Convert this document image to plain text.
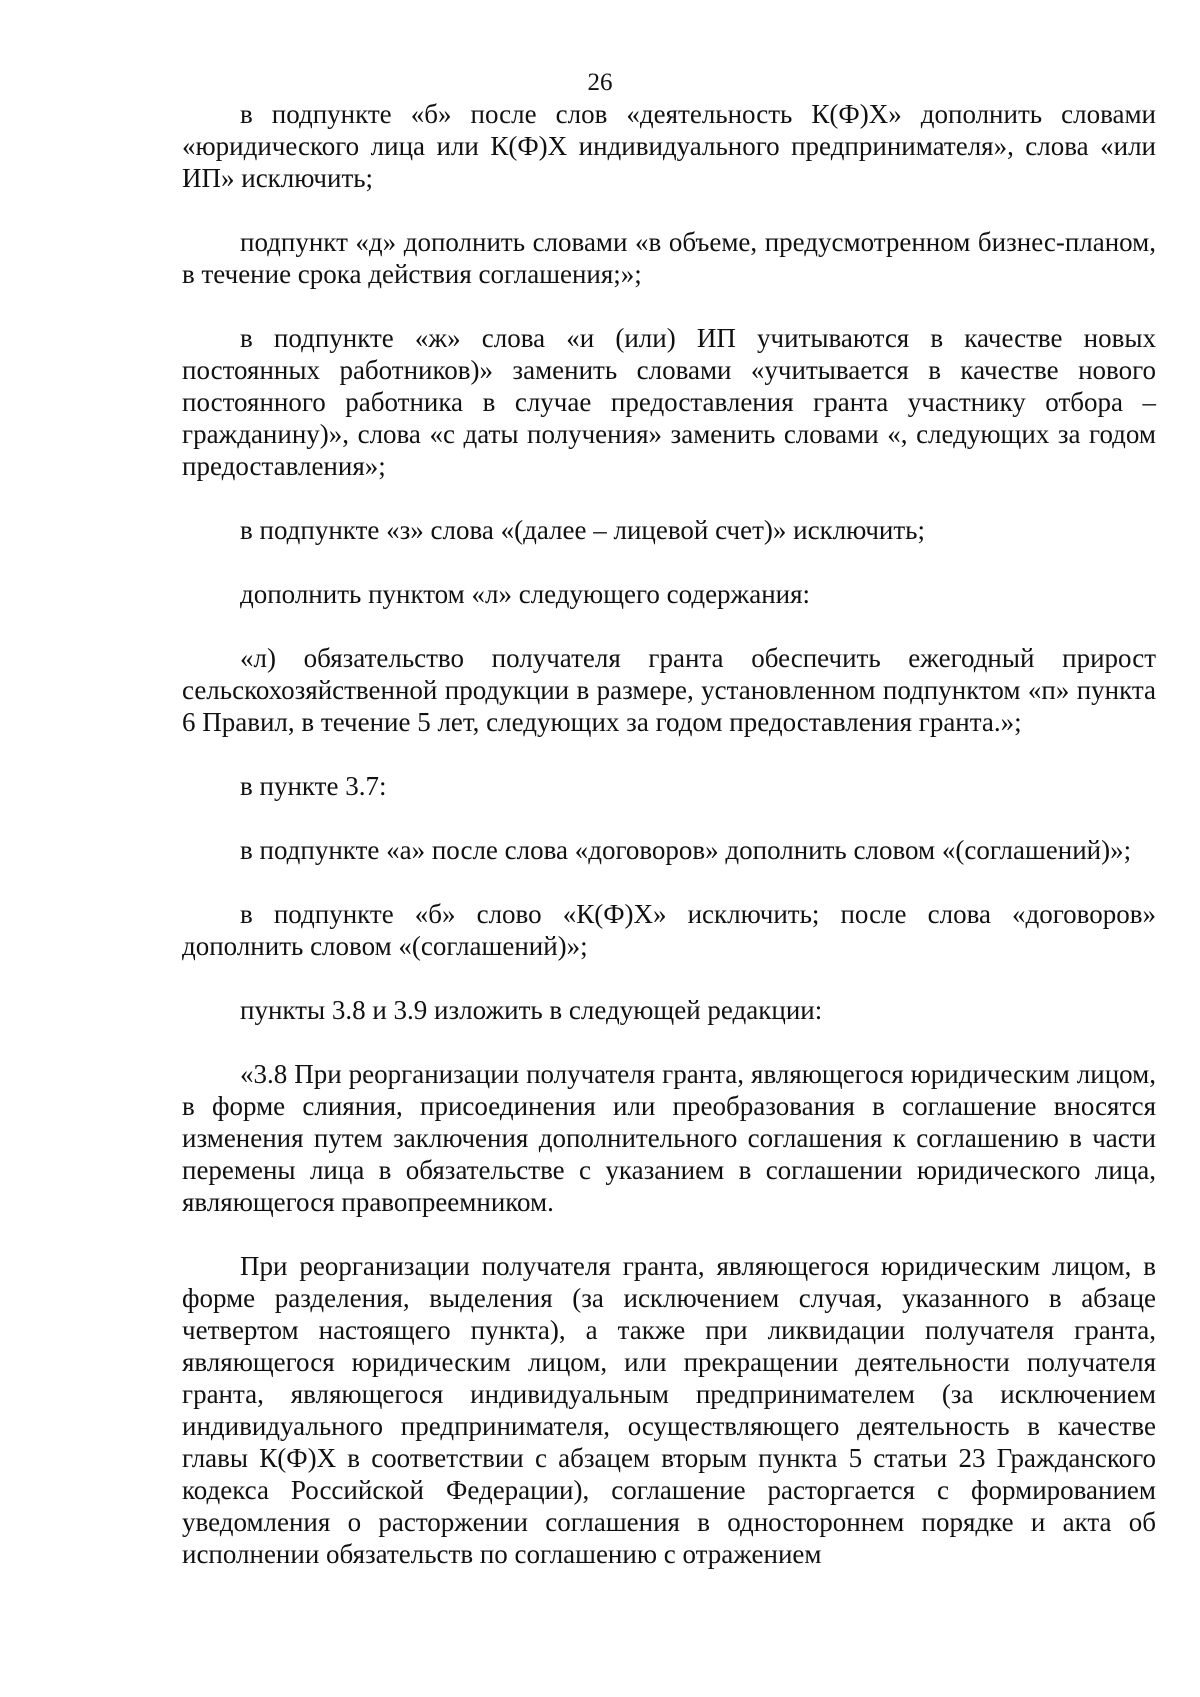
26

в подпункте «б» после слов «деятельность К(Ф)Х» дополнить словами «юридического лица или К(Ф)Х индивидуального предпринимателя», слова «или ИП» исключить;

подпункт «д» дополнить словами «в объеме, предусмотренном бизнес-планом, в течение срока действия соглашения;»;

в подпункте «ж» слова «и (или) ИП учитываются в качестве новых постоянных работников)» заменить словами «учитывается в качестве нового постоянного работника в случае предоставления гранта участнику отбора – гражданину)», слова «с даты получения» заменить словами «, следующих за годом предоставления»;

в подпункте «з» слова «(далее – лицевой счет)» исключить;

дополнить пунктом «л» следующего содержания:

«л) обязательство получателя гранта обеспечить ежегодный прирост сельскохозяйственной продукции в размере, установленном подпунктом «п» пункта 6 Правил, в течение 5 лет, следующих за годом предоставления гранта.»;

в пункте 3.7:

в подпункте «а» после слова «договоров» дополнить словом «(соглашений)»;

в подпункте «б» слово «К(Ф)Х» исключить; после слова «договоров» дополнить словом «(соглашений)»;

пункты 3.8 и 3.9 изложить в следующей редакции:

«3.8 При реорганизации получателя гранта, являющегося юридическим лицом, в форме слияния, присоединения или преобразования в соглашение вносятся изменения путем заключения дополнительного соглашения к соглашению в части перемены лица в обязательстве с указанием в соглашении юридического лица, являющегося правопреемником.

При реорганизации получателя гранта, являющегося юридическим лицом, в форме разделения, выделения (за исключением случая, указанного в абзаце четвертом настоящего пункта), а также при ликвидации получателя гранта, являющегося юридическим лицом, или прекращении деятельности получателя гранта, являющегося индивидуальным предпринимателем (за исключением индивидуального предпринимателя, осуществляющего деятельность в качестве главы К(Ф)Х в соответствии с абзацем вторым пункта 5 статьи 23 Гражданского кодекса Российской Федерации), соглашение расторгается с формированием уведомления о расторжении соглашения в одностороннем порядке и акта об исполнении обязательств по соглашению с отражением
